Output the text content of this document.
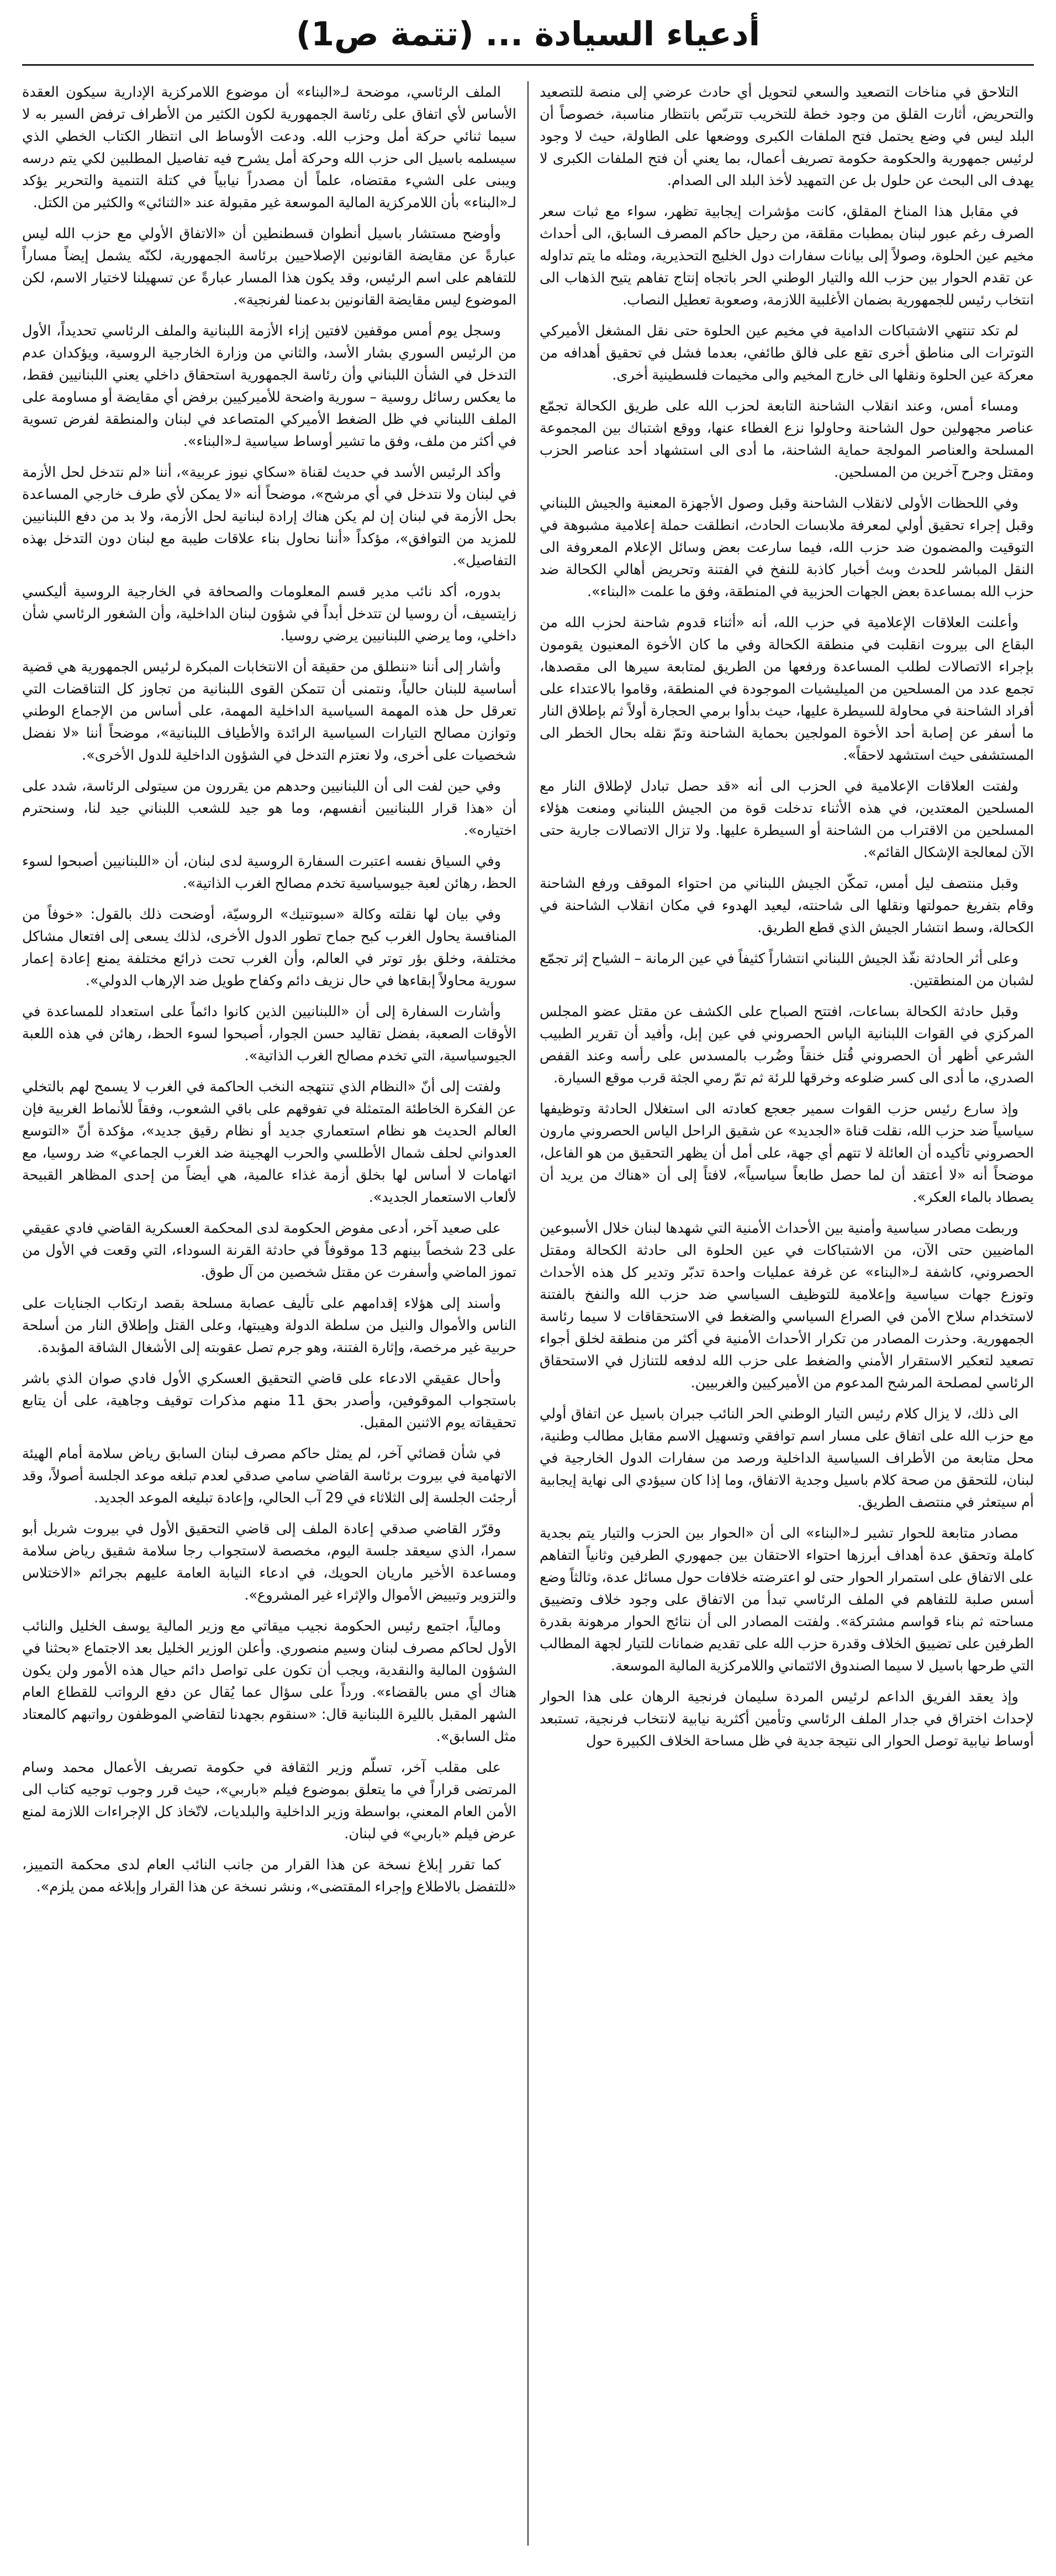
أدعياء السيادة ... (تتمة ص1)

التلاحق في مناخات التصعيد والسعي لتحويل أي حادث عرضي إلى منصة للتصعيد والتحريض، أثارت القلق من وجود خطة للتخريب تتربّص بانتظار مناسبة، خصوصاً أن البلد ليس في وضع يحتمل فتح الملفات الكبرى ووضعها على الطاولة، حيث لا وجود لرئيس جمهورية والحكومة حكومة تصريف أعمال، بما يعني أن فتح الملفات الكبرى لا يهدف الى البحث عن حلول بل عن التمهيد لأخذ البلد الى الصدام.

في مقابل هذا المناخ المقلق، كانت مؤشرات إيجابية تظهر، سواء مع ثبات سعر الصرف رغم عبور لبنان بمطبات مقلقة، من رحيل حاكم المصرف السابق، الى أحداث مخيم عين الحلوة، وصولاً إلى بيانات سفارات دول الخليج التحذيرية، ومثله ما يتم تداوله عن تقدم الحوار بين حزب الله والتيار الوطني الحر باتجاه إنتاج تفاهم يتيح الذهاب الى انتخاب رئيس للجمهورية بضمان الأغلبية اللازمة، وصعوبة تعطيل النصاب.

لم تكد تنتهي الاشتباكات الدامية في مخيم عين الحلوة حتى نقل المشغل الأميركي التوترات الى مناطق أخرى تقع على فالق طائفي، بعدما فشل في تحقيق أهدافه من معركة عين الحلوة ونقلها الى خارج المخيم والى مخيمات فلسطينية أخرى.

ومساء أمس، وعند انقلاب الشاحنة التابعة لحزب الله على طريق الكحالة تجمّع عناصر مجهولين حول الشاحنة وحاولوا نزع الغطاء عنها، ووقع اشتباك بين المجموعة المسلحة والعناصر المولجة حماية الشاحنة، ما أدى الى استشهاد أحد عناصر الحزب ومقتل وجرح آخرين من المسلحين.

وفي اللحظات الأولى لانقلاب الشاحنة وقبل وصول الأجهزة المعنية والجيش اللبناني وقبل إجراء تحقيق أولي لمعرفة ملابسات الحادث، انطلقت حملة إعلامية مشبوهة في التوقيت والمضمون ضد حزب الله، فيما سارعت بعض وسائل الإعلام المعروفة الى النقل المباشر للحدث وبث أخبار كاذبة للنفخ في الفتنة وتحريض أهالي الكحالة ضد حزب الله بمساعدة بعض الجهات الحزبية في المنطقة، وفق ما علمت «البناء».

وأعلنت العلاقات الإعلامية في حزب الله، أنه «أثناء قدوم شاحنة لحزب الله من البقاع الى بيروت انقلبت في منطقة الكحالة وفي ما كان الأخوة المعنيون يقومون بإجراء الاتصالات لطلب المساعدة ورفعها من الطريق لمتابعة سيرها الى مقصدها، تجمع عدد من المسلحين من الميليشيات الموجودة في المنطقة، وقاموا بالاعتداء على أفراد الشاحنة في محاولة للسيطرة عليها، حيث بدأوا برمي الحجارة أولاً ثم بإطلاق النار ما أسفر عن إصابة أحد الأخوة المولجين بحماية الشاحنة وتمّ نقله بحال الخطر الى المستشفى حيث استشهد لاحقاً».

ولفتت العلاقات الإعلامية في الحزب الى أنه «قد حصل تبادل لإطلاق النار مع المسلحين المعتدين، في هذه الأثناء تدخلت قوة من الجيش اللبناني ومنعت هؤلاء المسلحين من الاقتراب من الشاحنة أو السيطرة عليها. ولا تزال الاتصالات جارية حتى الآن لمعالجة الإشكال القائم».

وقبل منتصف ليل أمس، تمكّن الجيش اللبناني من احتواء الموقف ورفع الشاحنة وقام بتفريغ حمولتها ونقلها الى شاحنته، ليعيد الهدوء في مكان انقلاب الشاحنة في الكحالة، وسط انتشار الجيش الذي قطع الطريق.

وعلى أثر الحادثة نفّذ الجيش اللبناني انتشاراً كثيفاً في عين الرمانة – الشياح إثر تجمّع لشبان من المنطقتين.

وقبل حادثة الكحالة بساعات، افتتح الصباح على الكشف عن مقتل عضو المجلس المركزي في القوات اللبنانية الياس الحصروني في عين إبل، وأفيد أن تقرير الطبيب الشرعي أظهر أن الحصروني قُتل خنقاً وضُرب بالمسدس على رأسه وعند القفص الصدري، ما أدى الى كسر ضلوعه وخرقها للرئة ثم تمّ رمي الجثة قرب موقع السيارة.

وإذ سارع رئيس حزب القوات سمير جعجع كعادته الى استغلال الحادثة وتوظيفها سياسياً ضد حزب الله، نقلت قناة «الجديد» عن شقيق الراحل الياس الحصروني مارون الحصروني تأكيده أن العائلة لا تتهم أي جهة، على أمل أن يظهر التحقيق من هو الفاعل، موضحاً أنه «لا أعتقد أن لما حصل طابعاً سياسياً»، لافتاً إلى أن «هناك من يريد أن يصطاد بالماء العكر».

وربطت مصادر سياسية وأمنية بين الأحداث الأمنية التي شهدها لبنان خلال الأسبوعين الماضيين حتى الآن، من الاشتباكات في عين الحلوة الى حادثة الكحالة ومقتل الحصروني، كاشفة لـ«البناء» عن غرفة عمليات واحدة تدبّر وتدير كل هذه الأحداث وتوزع جهات سياسية وإعلامية للتوظيف السياسي ضد حزب الله والنفخ بالفتنة لاستخدام سلاح الأمن في الصراع السياسي والضغط في الاستحقاقات لا سيما رئاسة الجمهورية. وحذرت المصادر من تكرار الأحداث الأمنية في أكثر من منطقة لخلق أجواء تصعيد لتعكير الاستقرار الأمني والضغط على حزب الله لدفعه للتنازل في الاستحقاق الرئاسي لمصلحة المرشح المدعوم من الأميركيين والغربيين.

الى ذلك، لا يزال كلام رئيس التيار الوطني الحر النائب جبران باسيل عن اتفاق أولي مع حزب الله على اتفاق على مسار اسم توافقي وتسهيل الاسم مقابل مطالب وطنية، محل متابعة من الأطراف السياسية الداخلية ورصد من سفارات الدول الخارجية في لبنان، للتحقق من صحة كلام باسيل وجدية الاتفاق، وما إذا كان سيؤدي الى نهاية إيجابية أم سيتعثر في منتصف الطريق.

مصادر متابعة للحوار تشير لـ«البناء» الى أن «الحوار بين الحزب والتيار يتم بجدية كاملة وتحقق عدة أهداف أبرزها احتواء الاحتقان بين جمهوري الطرفين وثانياً التفاهم على الاتفاق على استمرار الحوار حتى لو اعترضته خلافات حول مسائل عدة، وثالثاً وضع أسس صلبة للتفاهم في الملف الرئاسي تبدأ من الاتفاق على وجود خلاف وتضييق مساحته ثم بناء قواسم مشتركة». ولفتت المصادر الى أن نتائج الحوار مرهونة بقدرة الطرفين على تضييق الخلاف وقدرة حزب الله على تقديم ضمانات للتيار لجهة المطالب التي طرحها باسيل لا سيما الصندوق الائتماني واللامركزية المالية الموسعة.

وإذ يعقد الفريق الداعم لرئيس المردة سليمان فرنجية الرهان على هذا الحوار لإحداث اختراق في جدار الملف الرئاسي وتأمين أكثرية نيابية لانتخاب فرنجية، تستبعد أوساط نيابية توصل الحوار الى نتيجة جدية في ظل مساحة الخلاف الكبيرة حول

الملف الرئاسي، موضحة لـ«البناء» أن موضوع اللامركزية الإدارية سيكون العقدة الأساس لأي اتفاق على رئاسة الجمهورية لكون الكثير من الأطراف ترفض السير به لا سيما ثنائي حركة أمل وحزب الله. ودعت الأوساط الى انتظار الكتاب الخطي الذي سيسلمه باسيل الى حزب الله وحركة أمل يشرح فيه تفاصيل المطلبين لكي يتم درسه ويبنى على الشيء مقتضاه، علماً أن مصدراً نيابياً في كتلة التنمية والتحرير يؤكد لـ«البناء» بأن اللامركزية المالية الموسعة غير مقبولة عند «الثنائي» والكثير من الكتل.

وأوضح مستشار باسيل أنطوان قسطنطين أن «الاتفاق الأولي مع حزب الله ليس عبارةً عن مقايضة القانونين الإصلاحيين برئاسة الجمهورية، لكنّه يشمل إيضاً مساراً للتفاهم على اسم الرئيس، وقد يكون هذا المسار عبارةً عن تسهيلنا لاختيار الاسم، لكن الموضوع ليس مقايضة القانونين بدعمنا لفرنجية».

وسجل يوم أمس موقفين لافتين إزاء الأزمة اللبنانية والملف الرئاسي تحديداً، الأول من الرئيس السوري بشار الأسد، والثاني من وزارة الخارجية الروسية، ويؤكدان عدم التدخل في الشأن اللبناني وأن رئاسة الجمهورية استحقاق داخلي يعني اللبنانيين فقط، ما يعكس رسائل روسية – سورية واضحة للأميركيين برفض أي مقايضة أو مساومة على الملف اللبناني في ظل الضغط الأميركي المتصاعد في لبنان والمنطقة لفرض تسوية في أكثر من ملف، وفق ما تشير أوساط سياسية لـ«البناء».

وأكد الرئيس الأسد في حديث لقناة «سكاي نيوز عربية»، أننا «لم نتدخل لحل الأزمة في لبنان ولا نتدخل في أي مرشح»، موضحاً أنه «لا يمكن لأي طرف خارجي المساعدة بحل الأزمة في لبنان إن لم يكن هناك إرادة لبنانية لحل الأزمة، ولا بد من دفع اللبنانيين للمزيد من التوافق»، مؤكداً «أننا نحاول بناء علاقات طيبة مع لبنان دون التدخل بهذه التفاصيل».

بدوره، أكد نائب مدير قسم المعلومات والصحافة في الخارجية الروسية أليكسي زايتسيف، أن روسيا لن تتدخل أبداً في شؤون لبنان الداخلية، وأن الشغور الرئاسي شأن داخلي، وما يرضي اللبنانيين يرضي روسيا.

وأشار إلى أننا «ننطلق من حقيقة أن الانتخابات المبكرة لرئيس الجمهورية هي قضية أساسية للبنان حالياً، ونتمنى أن تتمكن القوى اللبنانية من تجاوز كل التناقضات التي تعرقل حل هذه المهمة السياسية الداخلية المهمة، على أساس من الإجماع الوطني وتوازن مصالح التيارات السياسية الرائدة والأطياف اللبنانية»، موضحاً أننا «لا نفضل شخصيات على أخرى، ولا نعتزم التدخل في الشؤون الداخلية للدول الأخرى».

وفي حين لفت الى أن اللبنانيين وحدهم من يقررون من سيتولى الرئاسة، شدد على أن «هذا قرار اللبنانيين أنفسهم، وما هو جيد للشعب اللبناني جيد لنا، وسنحترم اختياره».

وفي السياق نفسه اعتبرت السفارة الروسية لدى لبنان، أن «اللبنانيين أصبحوا لسوء الحظ، رهائن لعبة جيوسياسية تخدم مصالح الغرب الذاتية».

وفي بيان لها نقلته وكالة «سبوتنيك» الروسيّة، أوضحت ذلك بالقول: «خوفاً من المنافسة يحاول الغرب كبح جماح تطور الدول الأخرى، لذلك يسعى إلى افتعال مشاكل مختلفة، وخلق بؤر توتر في العالم، وأن الغرب تحت ذرائع مختلفة يمنع إعادة إعمار سورية محاولاً إبقاءها في حال نزيف دائم وكفاح طويل ضد الإرهاب الدولي».

وأشارت السفارة إلى أن «اللبنانيين الذين كانوا دائماً على استعداد للمساعدة في الأوقات الصعبة، بفضل تقاليد حسن الجوار، أصبحوا لسوء الحظ، رهائن في هذه اللعبة الجيوسياسية، التي تخدم مصالح الغرب الذاتية».

ولفتت إلى أنّ «النظام الذي تنتهجه النخب الحاكمة في الغرب لا يسمح لهم بالتخلي عن الفكرة الخاطئة المتمثلة في تفوقهم على باقي الشعوب، وفقاً للأنماط الغربية فإن العالم الحديث هو نظام استعماري جديد أو نظام رقيق جديد»، مؤكدة أنّ «التوسع العدواني لحلف شمال الأطلسي والحرب الهجينة ضد الغرب الجماعي» ضد روسيا، مع اتهامات لا أساس لها بخلق أزمة غذاء عالمية، هي أيضاً من إحدى المظاهر القبيحة لألعاب الاستعمار الجديد».

على صعيد آخر، أدعى مفوض الحكومة لدى المحكمة العسكرية القاضي فادي عقيقي على 23 شخصاً بينهم 13 موقوفاً في حادثة القرنة السوداء، التي وقعت في الأول من تموز الماضي وأسفرت عن مقتل شخصين من آل طوق.

وأسند إلى هؤلاء إقدامهم على تأليف عصابة مسلحة بقصد ارتكاب الجنايات على الناس والأموال والنيل من سلطة الدولة وهيبتها، وعلى القتل وإطلاق النار من أسلحة حربية غير مرخصة، وإثارة الفتنة، وهو جرم تصل عقوبته إلى الأشغال الشاقة المؤبدة.

وأحال عقيقي الادعاء على قاضي التحقيق العسكري الأول فادي صوان الذي باشر باستجواب الموقوفين، وأصدر بحق 11 منهم مذكرات توقيف وجاهية، على أن يتابع تحقيقاته يوم الاثنين المقبل.

في شأن قضائي آخر، لم يمثل حاكم مصرف لبنان السابق رياض سلامة أمام الهيئة الاتهامية في بيروت برئاسة القاضي سامي صدقي لعدم تبلغه موعد الجلسة أصولاً، وقد أرجئت الجلسة إلى الثلاثاء في 29 آب الحالي، وإعادة تبليغه الموعد الجديد.

وقرّر القاضي صدقي إعادة الملف إلى قاضي التحقيق الأول في بيروت شربل أبو سمرا، الذي سيعقد جلسة اليوم، مخصصة لاستجواب رجا سلامة شقيق رياض سلامة ومساعدة الأخير ماريان الحويك، في ادعاء النيابة العامة عليهم بجرائم «الاختلاس والتزوير وتبييض الأموال والإثراء غير المشروع».

ومالياً، اجتمع رئيس الحكومة نجيب ميقاتي مع وزير المالية يوسف الخليل والنائب الأول لحاكم مصرف لبنان وسيم منصوري. وأعلن الوزير الخليل بعد الاجتماع «بحثنا في الشؤون المالية والنقدية، ويجب أن تكون على تواصل دائم حيال هذه الأمور ولن يكون هناك أي مس بالقضاء». ورداً على سؤال عما يُقال عن دفع الرواتب للقطاع العام الشهر المقبل بالليرة اللبنانية قال: «سنقوم بجهدنا لتقاضي الموظفون رواتبهم كالمعتاد مثل السابق».

على مقلب آخر، تسلّم وزير الثقافة في حكومة تصريف الأعمال محمد وسام المرتضى قراراً في ما يتعلق بموضوع فيلم «باربي»، حيث قرر وجوب توجيه كتاب الى الأمن العام المعني، بواسطة وزير الداخلية والبلديات، لاتّخاذ كل الإجراءات اللازمة لمنع عرض فيلم «باربي» في لبنان.

كما تقرر إبلاغ نسخة عن هذا القرار من جانب النائب العام لدى محكمة التمييز، «للتفضل بالاطلاع وإجراء المقتضى»، ونشر نسخة عن هذا القرار وإبلاغه ممن يلزم».
